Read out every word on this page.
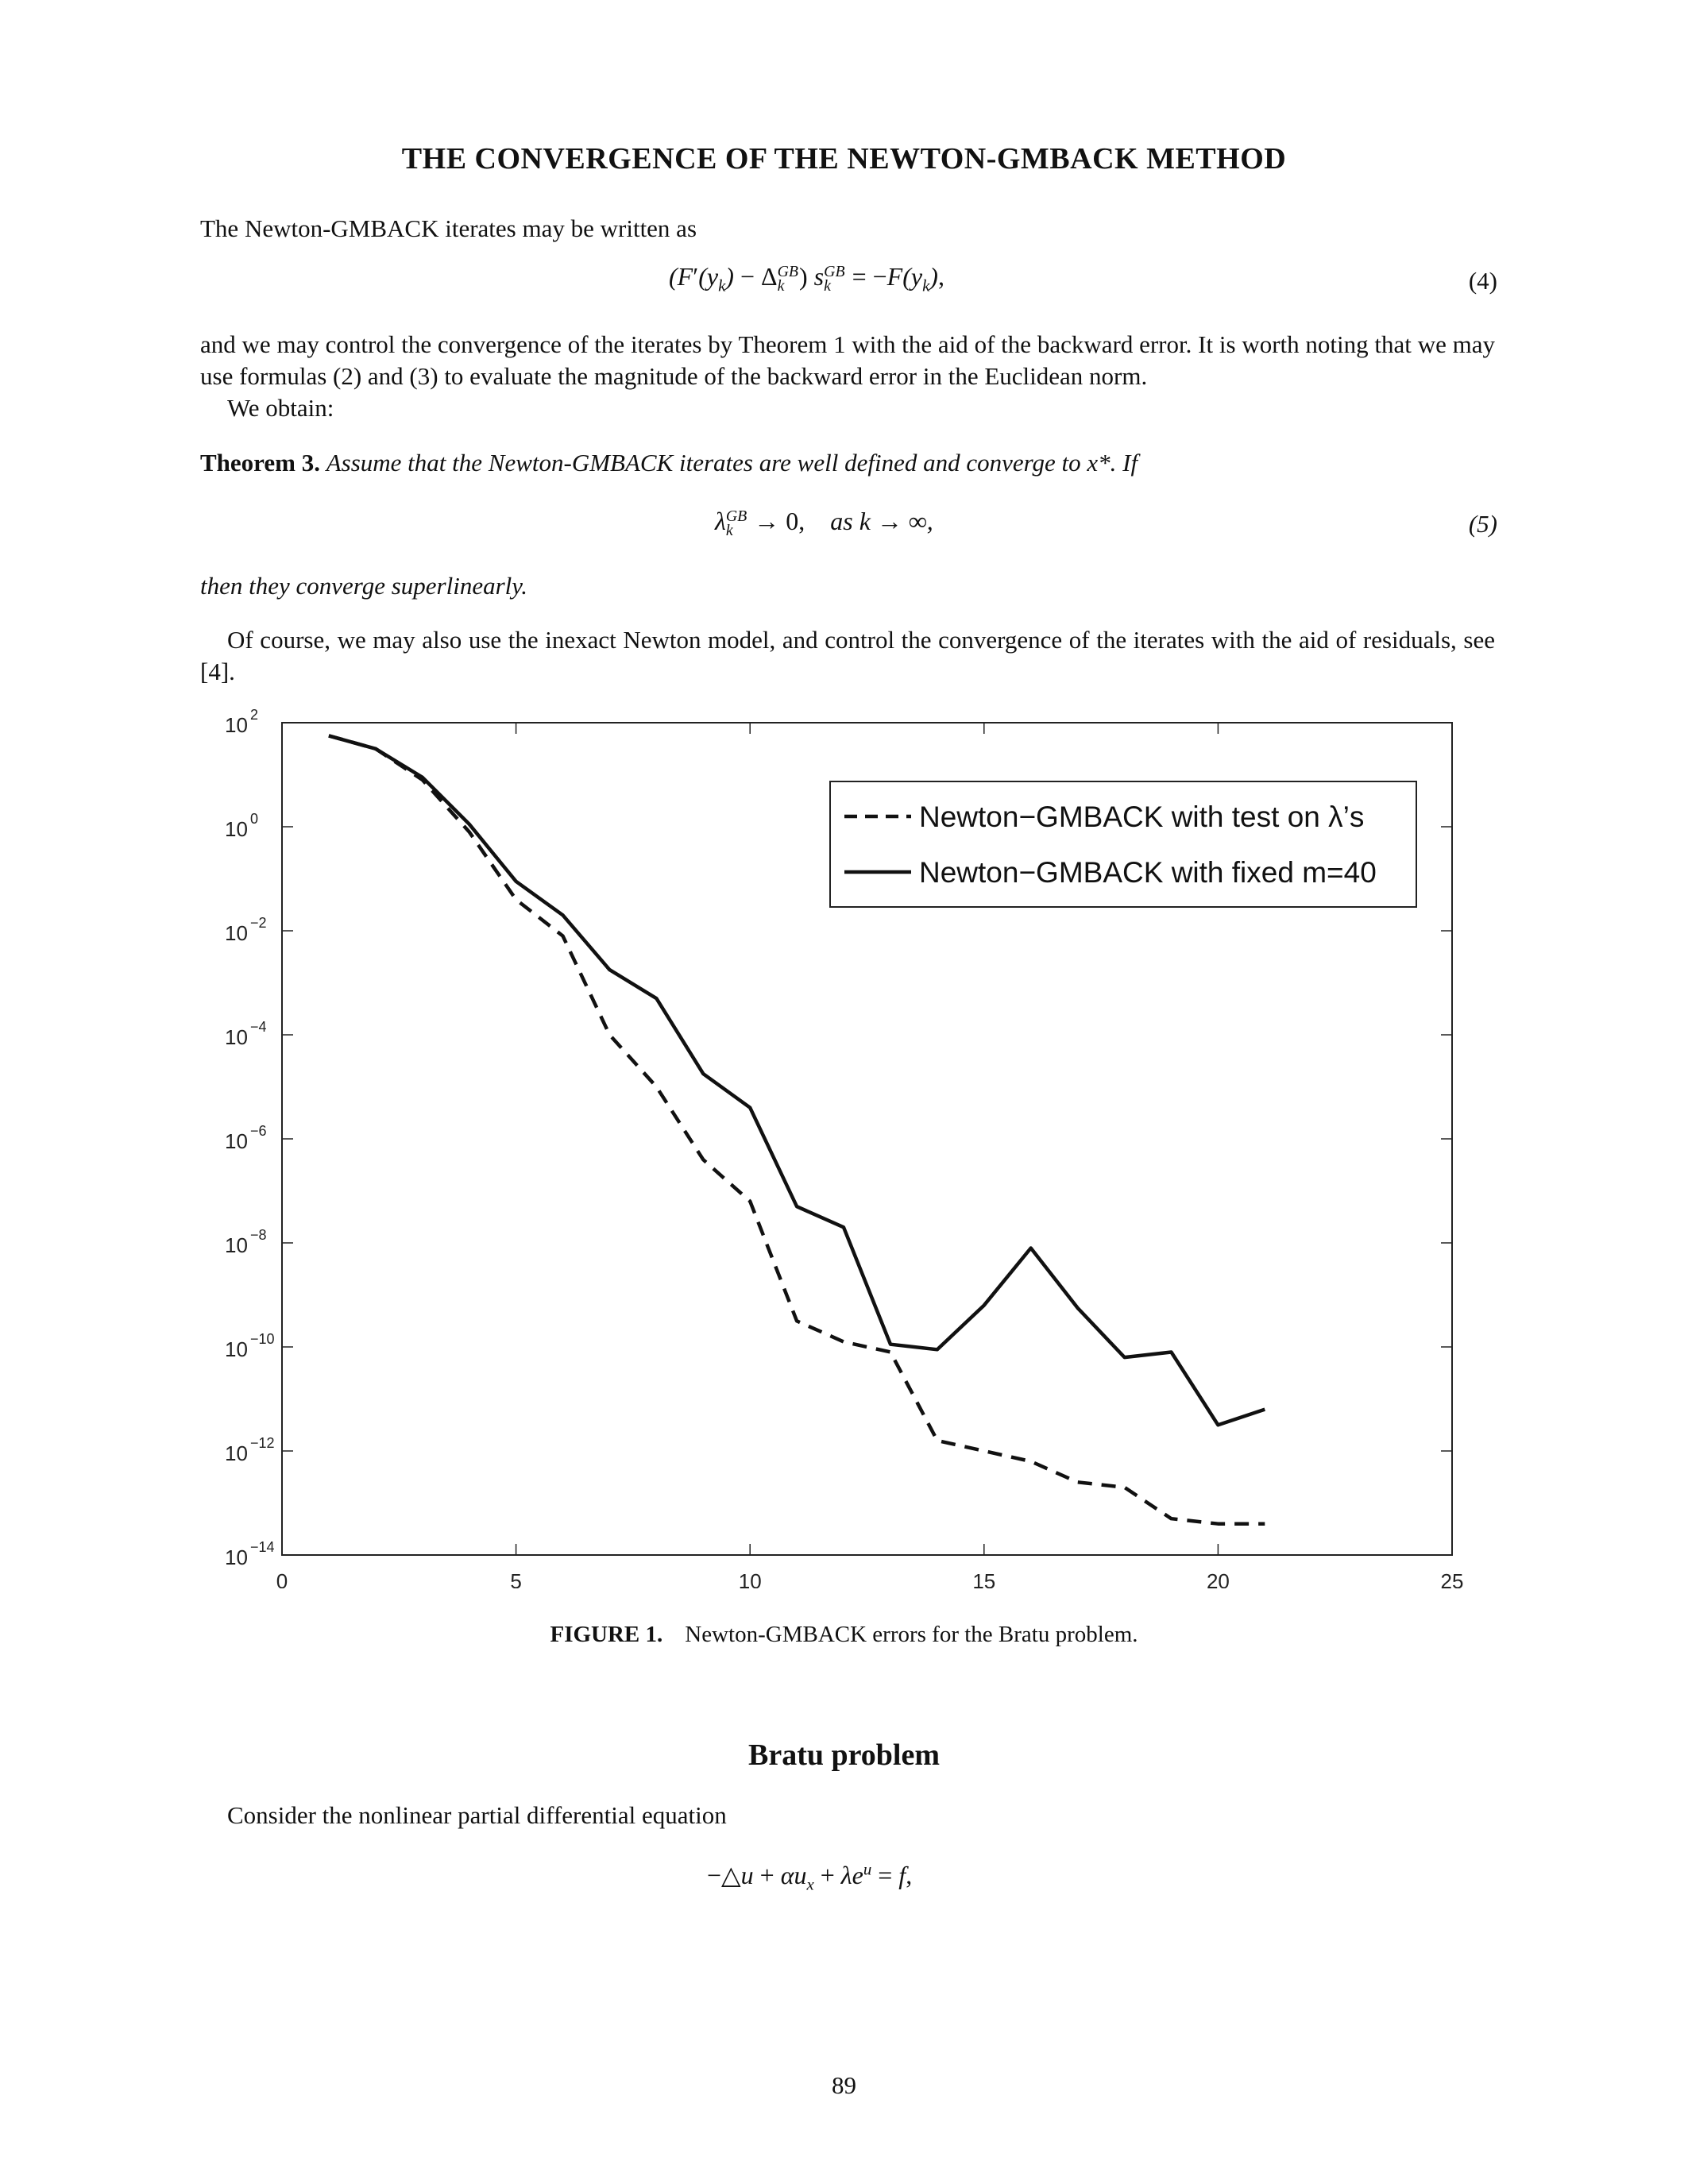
THE CONVERGENCE OF THE NEWTON-GMBACK METHOD
The Newton-GMBACK iterates may be written as
($F'(y_k) - \Delta$ GB
k ) s GB
$k = -F(y_k)$,	(4)
and we may control the convergence of the iterates by Theorem 1 with the aid of the backward error. It is worth noting that we may use formulas (2) and (3) to evaluate the magnitude of the backward error in the Euclidean norm.
We obtain:
Theorem 3. Assume that the Newton-GMBACK iterates are well defined and converge to x*. If
λ GB
k → 0,    as k → ∞,	(5)
then they converge superlinearly.
Of course, we may also use the inexact Newton model, and control the convergence of the iterates with the aid of residuals, see [4].
0	5	10	15	20	25
10 2
10 0
10 −2
10 −4
10 −6
10 −8
10 −10
10 −12
10 −14
Newton−GMBACK with test on λ’s
Newton−GMBACK with fixed m=40
FIGURE 1. Newton-GMBACK errors for the Bratu problem.
Bratu problem
Consider the nonlinear partial differential equation
−△u + $\alpha u_x + \lambda e^u = f$,
89
